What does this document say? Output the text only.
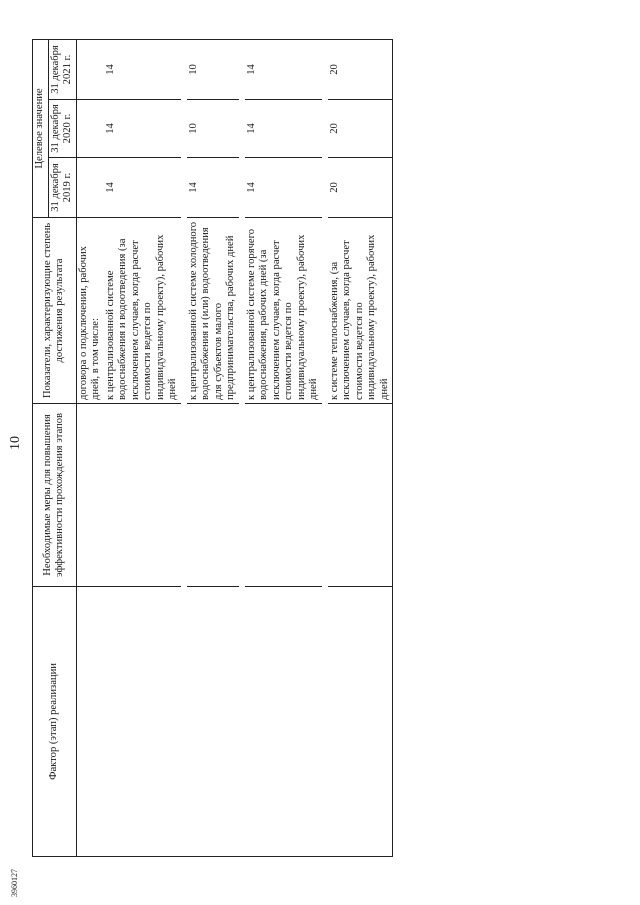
10
3960127
Фактор (этап) реализации	Необходимые меры для повышения эффективности прохождения этапов	Показатели, характеризующие степень достижения результата	Целевое значение		
			31 декабря 2019 г.	31 декабря 2020 г.	31 декабря 2021 г.
		договора о подключении, рабочих дней, в том числе:			
		к централизованной системе водоснабжения и водоотведения (за исключением случаев, когда расчет стоимости ведется по индивидуальному проекту), рабочих дней	14	14	14

		к централизованной системе холодного водоснабжения и (или) водоотведения для субъектов малого предпринимательства, рабочих дней	14	10	10

		к централизованной системе горячего водоснабжения, рабочих дней (за исключением случаев, когда расчет стоимости ведется по индивидуальному проекту), рабочих дней	14	14	14

		к системе теплоснабжения, (за исключением случаев, когда расчет стоимости ведется по индивидуальному проекту), рабочих дней	20	20	20
